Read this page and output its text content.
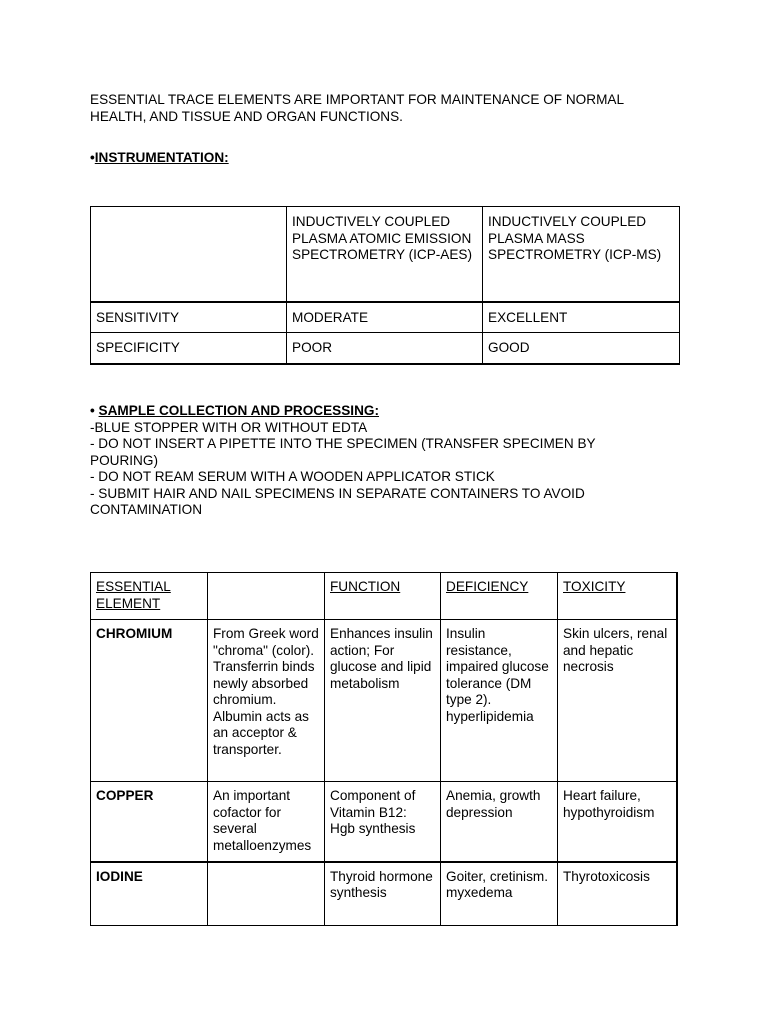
ESSENTIAL TRACE ELEMENTS ARE IMPORTANT FOR MAINTENANCE OF NORMAL HEALTH, AND TISSUE AND ORGAN FUNCTIONS.

•INSTRUMENTATION:

	INDUCTIVELY COUPLED PLASMA ATOMIC EMISSION SPECTROMETRY (ICP-AES)	INDUCTIVELY COUPLED PLASMA MASS SPECTROMETRY (ICP-MS)
SENSITIVITY	MODERATE	EXCELLENT
SPECIFICITY	POOR	GOOD

• SAMPLE COLLECTION AND PROCESSING:

-BLUE STOPPER WITH OR WITHOUT EDTA

- DO NOT INSERT A PIPETTE INTO THE SPECIMEN (TRANSFER SPECIMEN BY POURING)

- DO NOT REAM SERUM WITH A WOODEN APPLICATOR STICK

- SUBMIT HAIR AND NAIL SPECIMENS IN SEPARATE CONTAINERS TO AVOID CONTAMINATION

ESSENTIAL ELEMENT		FUNCTION	DEFICIENCY	TOXICITY
CHROMIUM	From Greek word "chroma" (color). Transferrin binds newly absorbed chromium. Albumin acts as an acceptor & transporter.	Enhances insulin action; For glucose and lipid metabolism	Insulin resistance, impaired glucose tolerance (DM type 2). hyperlipidemia	Skin ulcers, renal and hepatic necrosis
COPPER	An important cofactor for several metalloenzymes	Component of Vitamin B12: Hgb synthesis	Anemia, growth depression	Heart failure, hypothyroidism
IODINE		Thyroid hormone synthesis	Goiter, cretinism. myxedema	Thyrotoxicosis
